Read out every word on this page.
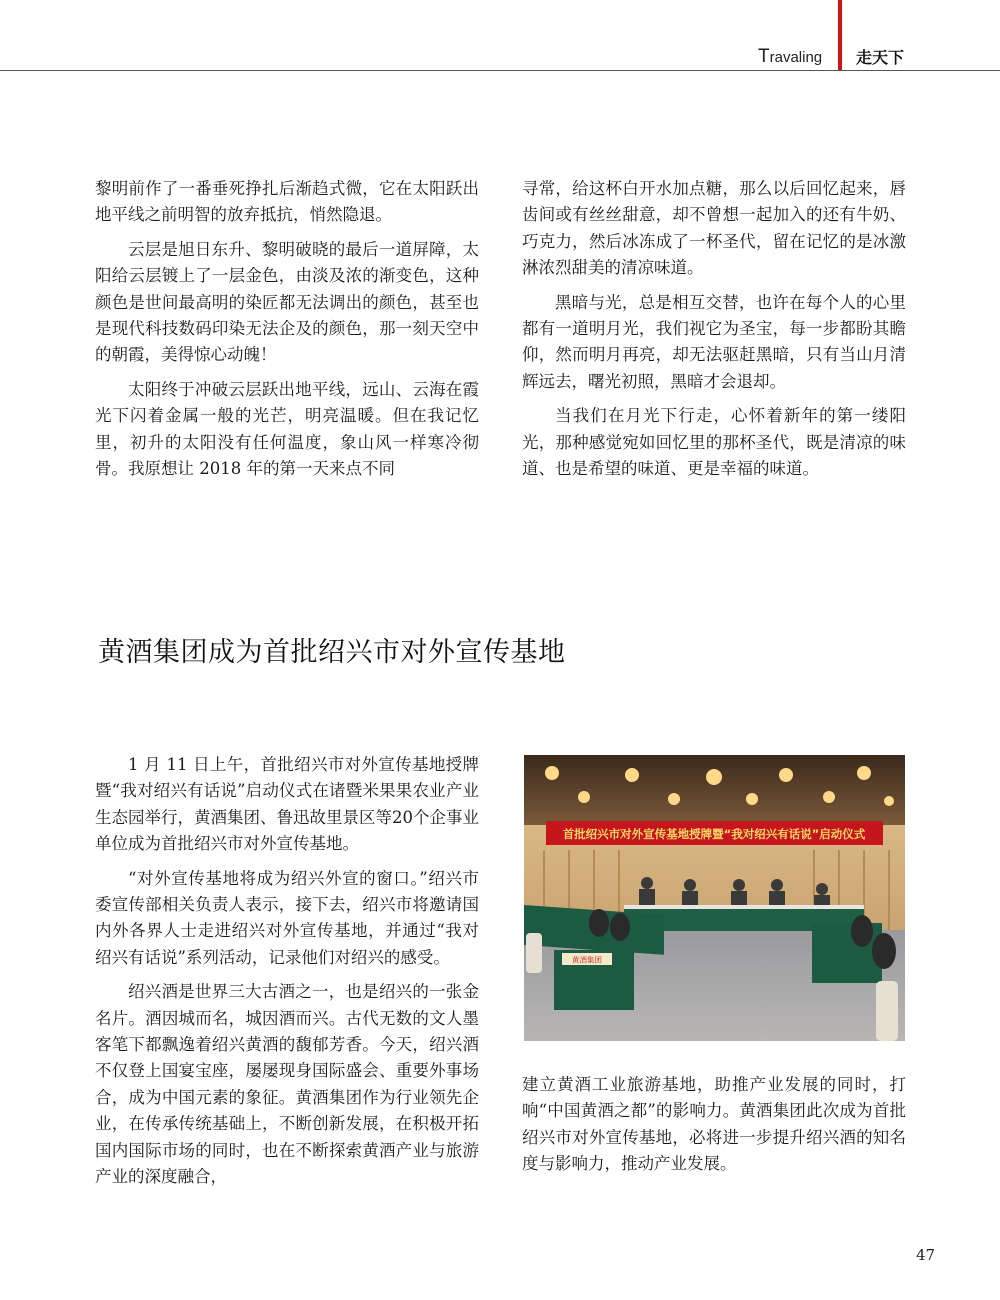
Travaling 走天下

黎明前作了一番垂死挣扎后渐趋式微，它在太阳跃出地平线之前明智的放弃抵抗，悄然隐退。

云层是旭日东升、黎明破晓的最后一道屏障，太阳给云层镀上了一层金色，由淡及浓的渐变色，这种颜色是世间最高明的染匠都无法调出的颜色，甚至也是现代科技数码印染无法企及的颜色，那一刻天空中的朝霞，美得惊心动魄！

太阳终于冲破云层跃出地平线，远山、云海在霞光下闪着金属一般的光芒，明亮温暖。但在我记忆里，初升的太阳没有任何温度，象山风一样寒冷彻骨。我原想让 2018 年的第一天来点不同

寻常，给这杯白开水加点糖，那么以后回忆起来，唇齿间或有丝丝甜意，却不曾想一起加入的还有牛奶、巧克力，然后冰冻成了一杯圣代，留在记忆的是冰激淋浓烈甜美的清凉味道。

黑暗与光，总是相互交替，也许在每个人的心里都有一道明月光，我们视它为圣宝，每一步都盼其瞻仰，然而明月再亮，却无法驱赶黑暗，只有当山月清辉远去，曙光初照，黑暗才会退却。

当我们在月光下行走，心怀着新年的第一缕阳光，那种感觉宛如回忆里的那杯圣代，既是清凉的味道、也是希望的味道、更是幸福的味道。

黄酒集团成为首批绍兴市对外宣传基地

1 月 11 日上午，首批绍兴市对外宣传基地授牌暨“我对绍兴有话说”启动仪式在诸暨米果果农业产业生态园举行，黄酒集团、鲁迅故里景区等20个企事业单位成为首批绍兴市对外宣传基地。

“对外宣传基地将成为绍兴外宣的窗口。”绍兴市委宣传部相关负责人表示，接下去，绍兴市将邀请国内外各界人士走进绍兴对外宣传基地，并通过“我对绍兴有话说”系列活动，记录他们对绍兴的感受。

绍兴酒是世界三大古酒之一，也是绍兴的一张金名片。酒因城而名，城因酒而兴。古代无数的文人墨客笔下都飘逸着绍兴黄酒的馥郁芳香。今天，绍兴酒不仅登上国宴宝座，屡屡现身国际盛会、重要外事场合，成为中国元素的象征。黄酒集团作为行业领先企业，在传承传统基础上，不断创新发展，在积极开拓国内国际市场的同时，也在不断探索黄酒产业与旅游产业的深度融合，

首批绍兴市对外宣传基地授牌暨“我对绍兴有话说”启动仪式
黄酒集团

建立黄酒工业旅游基地，助推产业发展的同时，打响“中国黄酒之都”的影响力。黄酒集团此次成为首批绍兴市对外宣传基地，必将进一步提升绍兴酒的知名度与影响力，推动产业发展。

47
